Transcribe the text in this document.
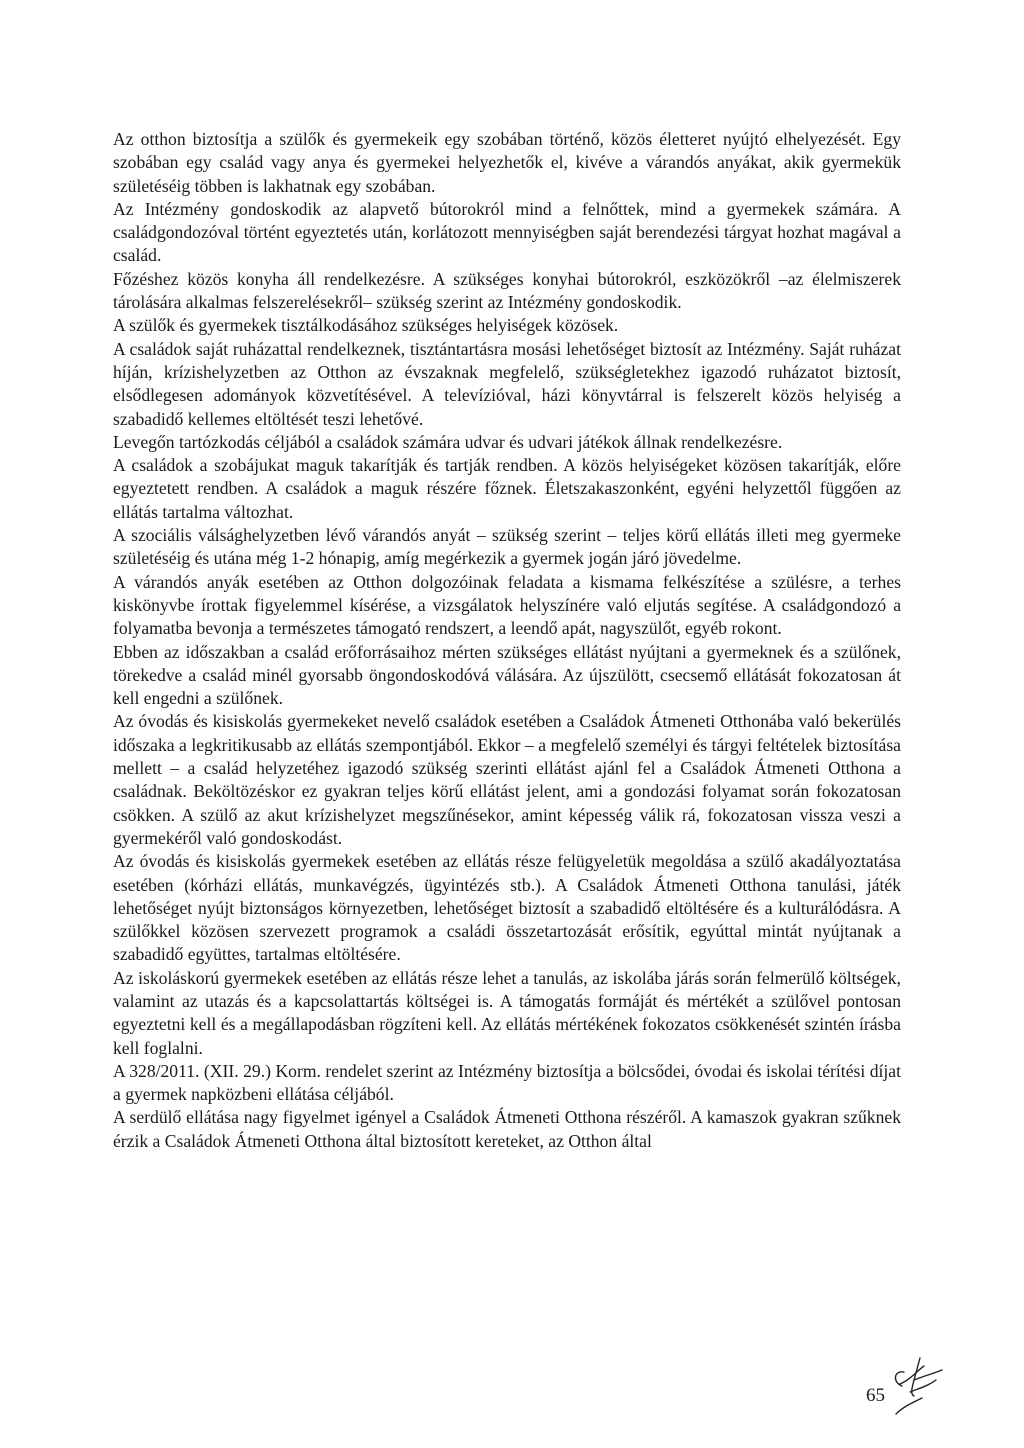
Az otthon biztosítja a szülők és gyermekeik egy szobában történő, közös életteret nyújtó elhelyezését. Egy szobában egy család vagy anya és gyermekei helyezhetők el, kivéve a várandós anyákat, akik gyermekük születéséig többen is lakhatnak egy szobában.

Az Intézmény gondoskodik az alapvető bútorokról mind a felnőttek, mind a gyermekek számára. A családgondozóval történt egyeztetés után, korlátozott mennyiségben saját berendezési tárgyat hozhat magával a család.

Főzéshez közös konyha áll rendelkezésre. A szükséges konyhai bútorokról, eszközökről –az élelmiszerek tárolására alkalmas felszerelésekről– szükség szerint az Intézmény gondoskodik.

A szülők és gyermekek tisztálkodásához szükséges helyiségek közösek.

A családok saját ruházattal rendelkeznek, tisztántartásra mosási lehetőséget biztosít az Intézmény. Saját ruházat híján, krízishelyzetben az Otthon az évszaknak megfelelő, szükségletekhez igazodó ruházatot biztosít, elsődlegesen adományok közvetítésével. A televízióval, házi könyvtárral is felszerelt közös helyiség a szabadidő kellemes eltöltését teszi lehetővé.

Levegőn tartózkodás céljából a családok számára udvar és udvari játékok állnak rendelkezésre.

A családok a szobájukat maguk takarítják és tartják rendben. A közös helyiségeket közösen takarítják, előre egyeztetett rendben. A családok a maguk részére főznek. Életszakaszonként, egyéni helyzettől függően az ellátás tartalma változhat.

A szociális válsághelyzetben lévő várandós anyát – szükség szerint – teljes körű ellátás illeti meg gyermeke születéséig és utána még 1-2 hónapig, amíg megérkezik a gyermek jogán járó jövedelme.

A várandós anyák esetében az Otthon dolgozóinak feladata a kismama felkészítése a szülésre, a terhes kiskönyvbe írottak figyelemmel kísérése, a vizsgálatok helyszínére való eljutás segítése. A családgondozó a folyamatba bevonja a természetes támogató rendszert, a leendő apát, nagyszülőt, egyéb rokont.

Ebben az időszakban a család erőforrásaihoz mérten szükséges ellátást nyújtani a gyermeknek és a szülőnek, törekedve a család minél gyorsabb öngondoskodóvá válására. Az újszülött, csecsemő ellátását fokozatosan át kell engedni a szülőnek.

Az óvodás és kisiskolás gyermekeket nevelő családok esetében a Családok Átmeneti Otthonába való bekerülés időszaka a legkritikusabb az ellátás szempontjából. Ekkor – a megfelelő személyi és tárgyi feltételek biztosítása mellett – a család helyzetéhez igazodó szükség szerinti ellátást ajánl fel a Családok Átmeneti Otthona a családnak. Beköltözéskor ez gyakran teljes körű ellátást jelent, ami a gondozási folyamat során fokozatosan csökken. A szülő az akut krízishelyzet megszűnésekor, amint képesség válik rá, fokozatosan vissza veszi a gyermekéről való gondoskodást.

Az óvodás és kisiskolás gyermekek esetében az ellátás része felügyeletük megoldása a szülő akadályoztatása esetében (kórházi ellátás, munkavégzés, ügyintézés stb.). A Családok Átmeneti Otthona tanulási, játék lehetőséget nyújt biztonságos környezetben, lehetőséget biztosít a szabadidő eltöltésére és a kulturálódásra. A szülőkkel közösen szervezett programok a családi összetartozását erősítik, egyúttal mintát nyújtanak a szabadidő együttes, tartalmas eltöltésére.

Az iskoláskorú gyermekek esetében az ellátás része lehet a tanulás, az iskolába járás során felmerülő költségek, valamint az utazás és a kapcsolattartás költségei is. A támogatás formáját és mértékét a szülővel pontosan egyeztetni kell és a megállapodásban rögzíteni kell. Az ellátás mértékének fokozatos csökkenését szintén írásba kell foglalni.

A 328/2011. (XII. 29.) Korm. rendelet szerint az Intézmény biztosítja a bölcsődei, óvodai és iskolai térítési díjat a gyermek napközbeni ellátása céljából.

A serdülő ellátása nagy figyelmet igényel a Családok Átmeneti Otthona részéről. A kamaszok gyakran szűknek érzik a Családok Átmeneti Otthona által biztosított kereteket, az Otthon által

65
